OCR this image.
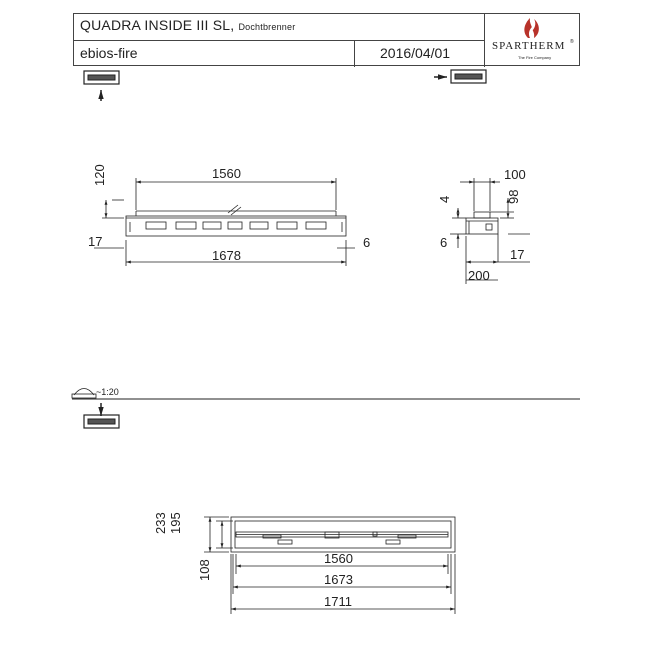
QUADRA INSIDE III SL, Dochtbrenner
ebios-fire	2016/04/01	SPARTHERM ®
The Fire Company
1560
120
17	6
1678
100
98
4
6
17
200
233 195
108
1560
1673
1711
~1:20
